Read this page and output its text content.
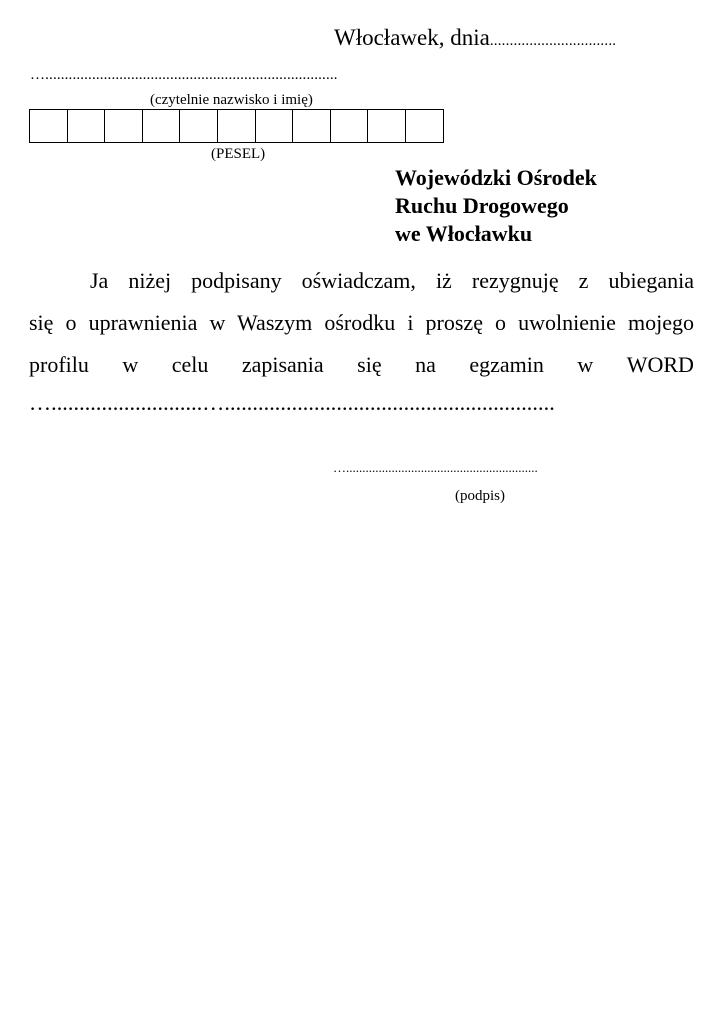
Włocławek, dnia................................
…...........................................................................
(czytelnie nazwisko i imię)
(PESEL)
Wojewódzki Ośrodek
Ruchu Drogowego
we Włocławku
Ja niżej podpisany oświadczam, iż rezygnuję z ubiegania
się o uprawnienia w Waszym ośrodku i proszę o uwolnienie mojego
profilu w celu zapisania się na egzamin w WORD
…...........................…...........................................................
…...........................................................
(podpis)
